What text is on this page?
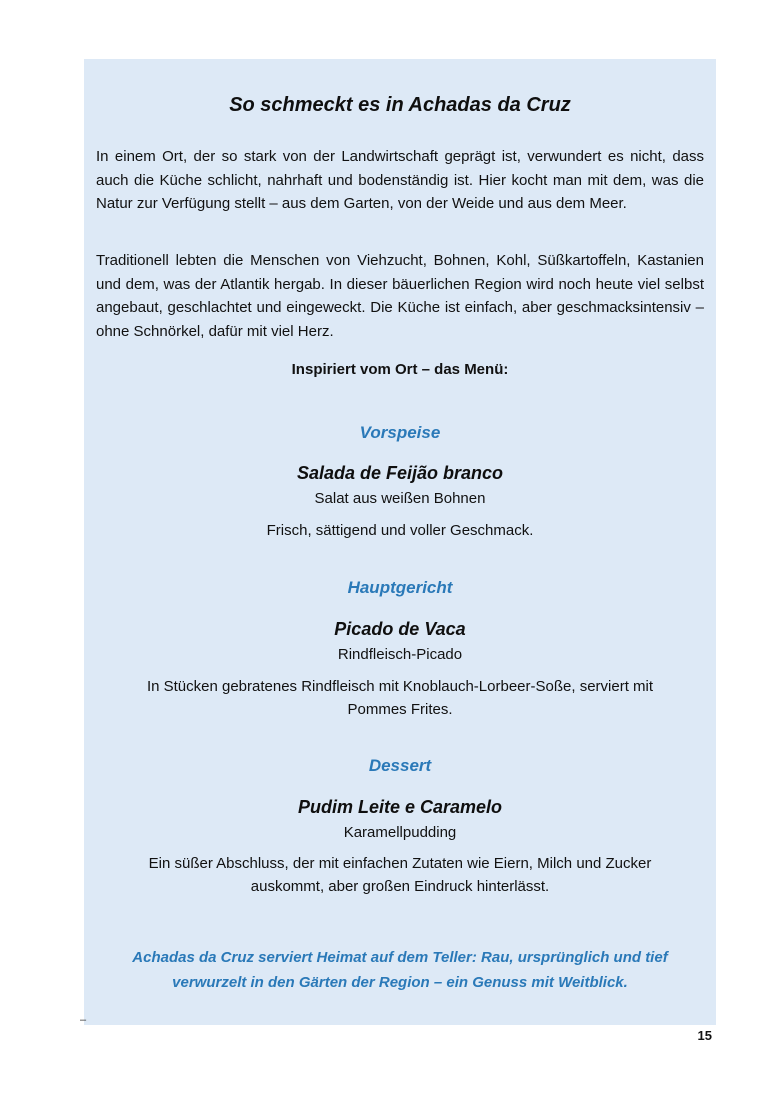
So schmeckt es in Achadas da Cruz

In einem Ort, der so stark von der Landwirtschaft geprägt ist, verwundert es nicht, dass auch die Küche schlicht, nahrhaft und bodenständig ist. Hier kocht man mit dem, was die Natur zur Verfügung stellt – aus dem Garten, von der Weide und aus dem Meer.

Traditionell lebten die Menschen von Viehzucht, Bohnen, Kohl, Süßkartoffeln, Kastanien und dem, was der Atlantik hergab. In dieser bäuerlichen Region wird noch heute viel selbst angebaut, geschlachtet und eingeweckt. Die Küche ist einfach, aber geschmacksintensiv – ohne Schnörkel, dafür mit viel Herz.

Inspiriert vom Ort – das Menü:

Vorspeise

Salada de Feijão branco

Salat aus weißen Bohnen

Frisch, sättigend und voller Geschmack.

Hauptgericht

Picado de Vaca

Rindfleisch-Picado

In Stücken gebratenes Rindfleisch mit Knoblauch-Lorbeer-Soße, serviert mit Pommes Frites.

Dessert

Pudim Leite e Caramelo

Karamellpudding

Ein süßer Abschluss, der mit einfachen Zutaten wie Eiern, Milch und Zucker auskommt, aber großen Eindruck hinterlässt.

Achadas da Cruz serviert Heimat auf dem Teller: Rau, ursprünglich und tief verwurzelt in den Gärten der Region – ein Genuss mit Weitblick.

–
15
